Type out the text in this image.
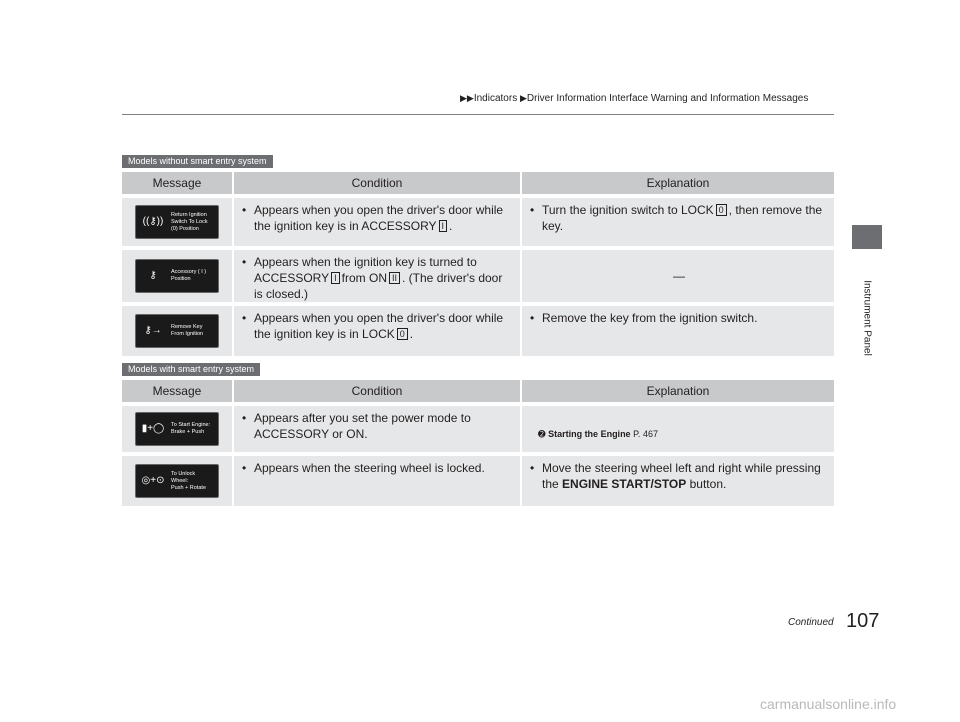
▶▶Indicators ▶Driver Information Interface Warning and Information Messages
Instrument Panel
Models without smart entry system
Message	Condition	Explanation

((⚷))
Return Ignition
Switch To Lock
(0) Position	• Appears when you open the driver's door while the ignition key is in ACCESSORY I .	• Turn the ignition switch to LOCK 0 , then remove the key.

⚷ Accessory ( I )
Position	• Appears when the ignition key is turned to ACCESSORY I from ON II . (The driver's door is closed.)	—

⚷→ Remove Key
From Ignition	• Appears when you open the driver's door while the ignition key is in LOCK 0 .	• Remove the key from the ignition switch.
Models with smart entry system
Message	Condition	Explanation

▮+◯ To Start Engine:
Brake + Push	• Appears after you set the power mode to ACCESSORY or ON.	➋ Starting the Engine P. 467

◎+⊙
To Unlock
Wheel:
Push + Rotate	• Appears when the steering wheel is locked.	• Move the steering wheel left and right while pressing the ENGINE START/STOP button.
Continued 107
carmanualsonline.info
